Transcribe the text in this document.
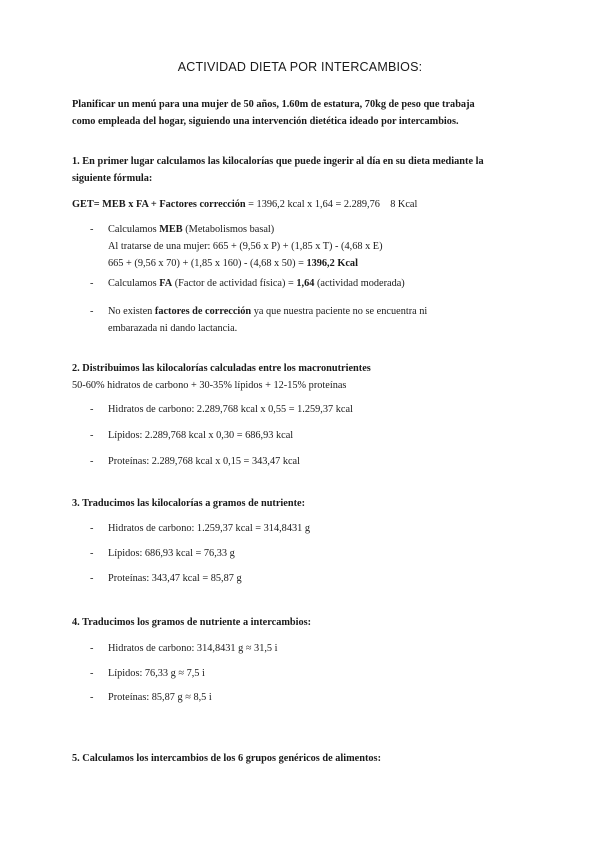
ACTIVIDAD DIETA POR INTERCAMBIOS:
Planificar un menú para una mujer de 50 años, 1.60m de estatura, 70kg de peso que trabaja
como empleada del hogar, siguiendo una intervención dietética ideado por intercambios.
1. En primer lugar calculamos las kilocalorías que puede ingerir al día en su dieta mediante la
siguiente fórmula:
GET= MEB x FA + Factores corrección = 1396,2 kcal x 1,64 = 2.289,76    8 Kcal
- Calculamos MEB (Metabolismos basal)
Al tratarse de una mujer: 665 + (9,56 x P) + (1,85 x T) - (4,68 x E)
665 + (9,56 x 70) + (1,85 x 160) - (4,68 x 50) = 1396,2 Kcal
- Calculamos FA (Factor de actividad física) = 1,64 (actividad moderada)
- No existen factores de corrección ya que nuestra paciente no se encuentra ni
embarazada ni dando lactancia.
2. Distribuimos las kilocalorías calculadas entre los macronutrientes
50-60% hidratos de carbono + 30-35% lípidos + 12-15% proteínas
- Hidratos de carbono: 2.289,768 kcal x 0,55 = 1.259,37 kcal
- Lípidos: 2.289,768 kcal x 0,30 = 686,93 kcal
- Proteínas: 2.289,768 kcal x 0,15 = 343,47 kcal
3. Traducimos las kilocalorías a gramos de nutriente:
- Hidratos de carbono: 1.259,37 kcal = 314,8431 g
- Lípidos: 686,93 kcal = 76,33 g
- Proteínas: 343,47 kcal = 85,87 g
4. Traducimos los gramos de nutriente a intercambios:
- Hidratos de carbono: 314,8431 g ≈ 31,5 i
- Lípidos: 76,33 g ≈ 7,5 i
- Proteínas: 85,87 g ≈ 8,5 i
5. Calculamos los intercambios de los 6 grupos genéricos de alimentos:
